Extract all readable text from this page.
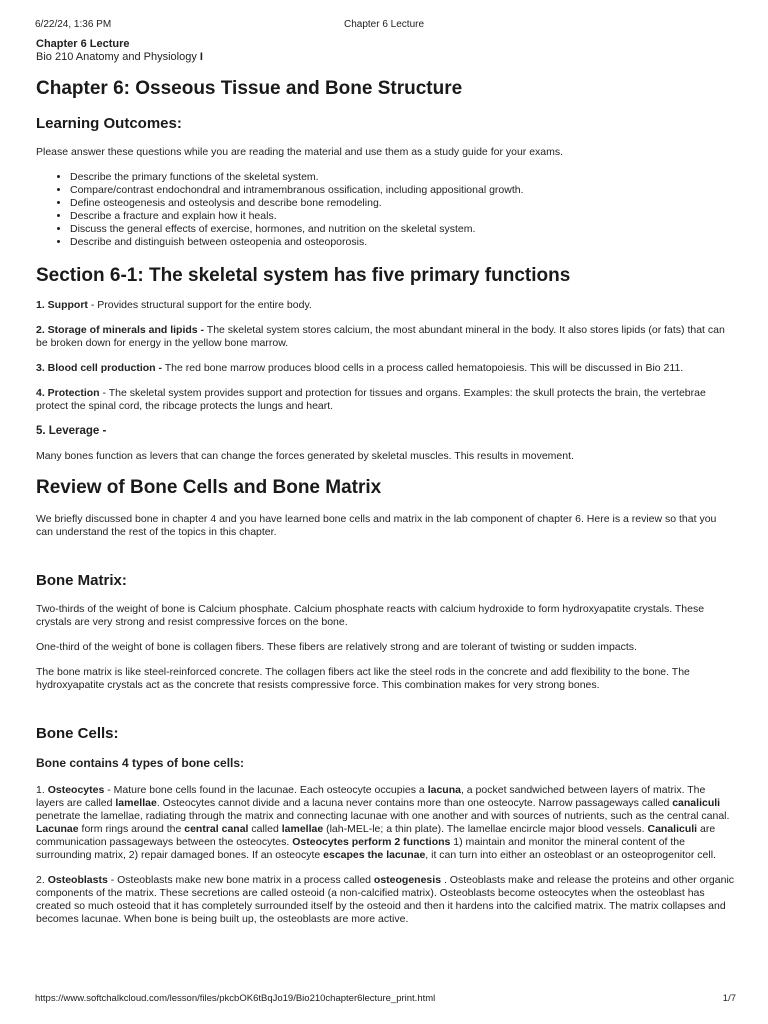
6/22/24, 1:36 PM	Chapter 6 Lecture
Chapter 6 Lecture
Bio 210 Anatomy and Physiology I
Chapter 6: Osseous Tissue and Bone Structure
Learning Outcomes:

Please answer these questions while you are reading the material and use them as a study guide for your exams.

• Describe the primary functions of the skeletal system.
• Compare/contrast endochondral and intramembranous ossification, including appositional growth.
• Define osteogenesis and osteolysis and describe bone remodeling.
• Describe a fracture and explain how it heals.
• Discuss the general effects of exercise, hormones, and nutrition on the skeletal system.
• Describe and distinguish between osteopenia and osteoporosis.
Section 6-1: The skeletal system has five primary functions

1. Support - Provides structural support for the entire body.

2. Storage of minerals and lipids - The skeletal system stores calcium, the most abundant mineral in the body. It also stores lipids (or fats) that can be broken down for energy in the yellow bone marrow.

3. Blood cell production - The red bone marrow produces blood cells in a process called hematopoiesis. This will be discussed in Bio 211.

4. Protection - The skeletal system provides support and protection for tissues and organs. Examples: the skull protects the brain, the vertebrae protect the spinal cord, the ribcage protects the lungs and heart.

5. Leverage -

Many bones function as levers that can change the forces generated by skeletal muscles. This results in movement.

Review of Bone Cells and Bone Matrix

We briefly discussed bone in chapter 4 and you have learned bone cells and matrix in the lab component of chapter 6. Here is a review so that you can understand the rest of the topics in this chapter.

Bone Matrix:

Two-thirds of the weight of bone is Calcium phosphate. Calcium phosphate reacts with calcium hydroxide to form hydroxyapatite crystals. These crystals are very strong and resist compressive forces on the bone.

One-third of the weight of bone is collagen fibers. These fibers are relatively strong and are tolerant of twisting or sudden impacts.

The bone matrix is like steel-reinforced concrete. The collagen fibers act like the steel rods in the concrete and add flexibility to the bone. The hydroxyapatite crystals act as the concrete that resists compressive force. This combination makes for very strong bones.

Bone Cells:
Bone contains 4 types of bone cells:

1. Osteocytes - Mature bone cells found in the lacunae. Each osteocyte occupies a lacuna, a pocket sandwiched between layers of matrix. The layers are called lamellae. Osteocytes cannot divide and a lacuna never contains more than one osteocyte. Narrow passageways called canaliculi penetrate the lamellae, radiating through the matrix and connecting lacunae with one another and with sources of nutrients, such as the central canal. Lacunae form rings around the central canal called lamellae (lah-MEL-le; a thin plate). The lamellae encircle major blood vessels. Canaliculi are communication passageways between the osteocytes. Osteocytes perform 2 functions 1) maintain and monitor the mineral content of the surrounding matrix, 2) repair damaged bones. If an osteocyte escapes the lacunae, it can turn into either an osteoblast or an osteoprogenitor cell.

2. Osteoblasts - Osteoblasts make new bone matrix in a process called osteogenesis . Osteoblasts make and release the proteins and other organic components of the matrix. These secretions are called osteoid (a non-calcified matrix). Osteoblasts become osteocytes when the osteoblast has created so much osteoid that it has completely surrounded itself by the osteoid and then it hardens into the calcified matrix. The matrix collapses and becomes lacunae. When bone is being built up, the osteoblasts are more active.

https://www.softchalkcloud.com/lesson/files/pkcbOK6tBqJo19/Bio210chapter6lecture_print.html	1/7
